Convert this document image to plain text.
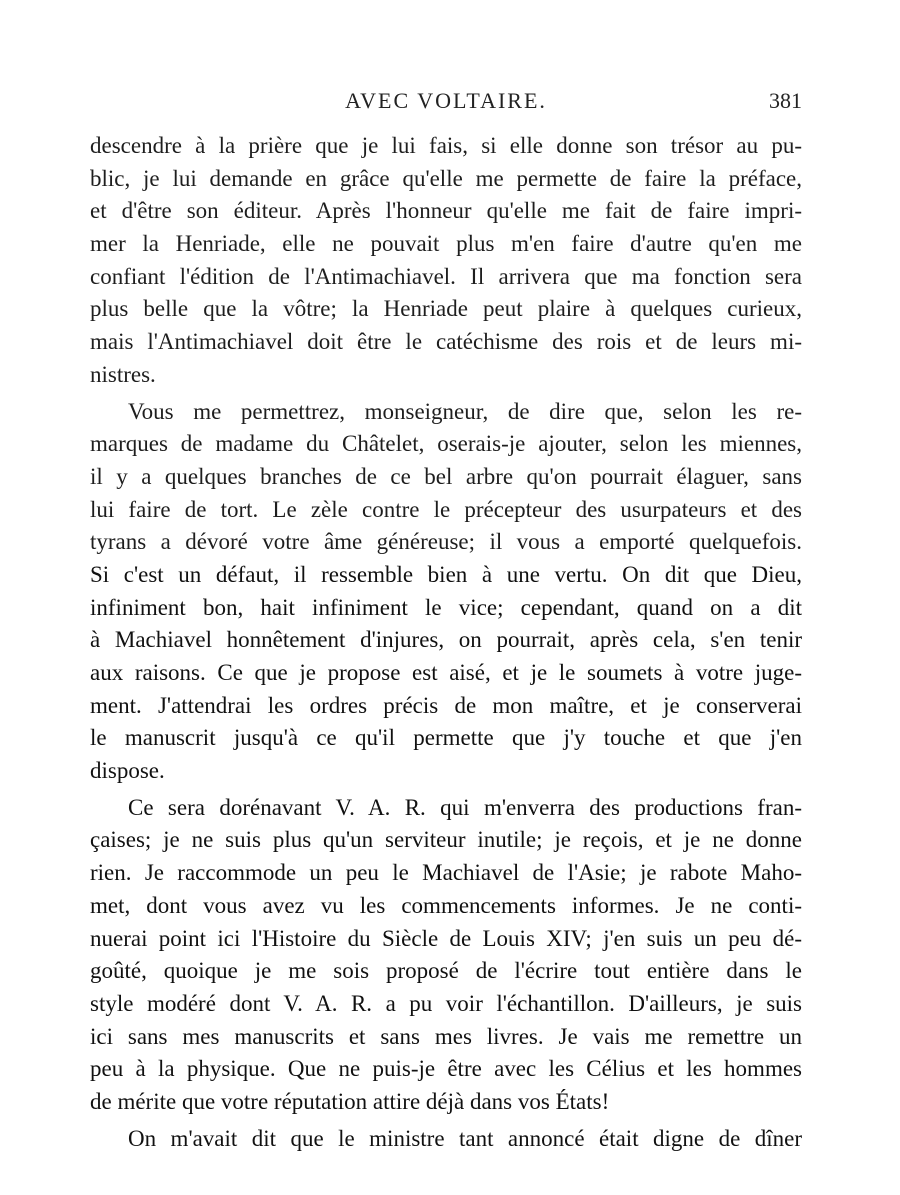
AVEC VOLTAIRE.	381
descendre à la prière que je lui fais, si elle donne son trésor au pu-
blic, je lui demande en grâce qu'elle me permette de faire la préface,
et d'être son éditeur. Après l'honneur qu'elle me fait de faire impri-
mer la Henriade, elle ne pouvait plus m'en faire d'autre qu'en me
confiant l'édition de l'Antimachiavel. Il arrivera que ma fonction sera
plus belle que la vôtre; la Henriade peut plaire à quelques curieux,
mais l'Antimachiavel doit être le catéchisme des rois et de leurs mi-
nistres.
Vous me permettrez, monseigneur, de dire que, selon les re-
marques de madame du Châtelet, oserais-je ajouter, selon les miennes,
il y a quelques branches de ce bel arbre qu'on pourrait élaguer, sans
lui faire de tort. Le zèle contre le précepteur des usurpateurs et des
tyrans a dévoré votre âme généreuse; il vous a emporté quelquefois.
Si c'est un défaut, il ressemble bien à une vertu. On dit que Dieu,
infiniment bon, hait infiniment le vice; cependant, quand on a dit
à Machiavel honnêtement d'injures, on pourrait, après cela, s'en tenir
aux raisons. Ce que je propose est aisé, et je le soumets à votre juge-
ment. J'attendrai les ordres précis de mon maître, et je conserverai
le manuscrit jusqu'à ce qu'il permette que j'y touche et que j'en
dispose.
Ce sera dorénavant V. A. R. qui m'enverra des productions fran-
çaises; je ne suis plus qu'un serviteur inutile; je reçois, et je ne donne
rien. Je raccommode un peu le Machiavel de l'Asie; je rabote Maho-
met, dont vous avez vu les commencements informes. Je ne conti-
nuerai point ici l'Histoire du Siècle de Louis XIV; j'en suis un peu dé-
goûté, quoique je me sois proposé de l'écrire tout entière dans le
style modéré dont V. A. R. a pu voir l'échantillon. D'ailleurs, je suis
ici sans mes manuscrits et sans mes livres. Je vais me remettre un
peu à la physique. Que ne puis-je être avec les Célius et les hommes
de mérite que votre réputation attire déjà dans vos États!
On m'avait dit que le ministre tant annoncé était digne de dîner
